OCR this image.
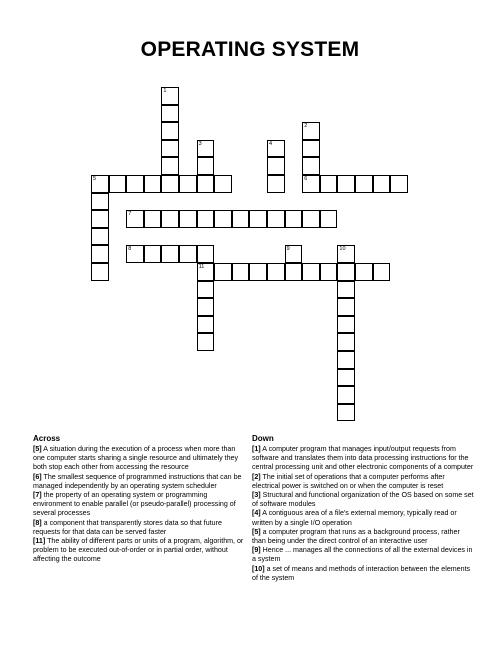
OPERATING SYSTEM
1
2
3	4
5	6
7
8	9	10
11
Across

[5] A situation during the execution of a process when more than one computer starts sharing a single resource and ultimately they both stop each other from accessing the resource

[6] The smallest sequence of programmed instructions that can be managed independently by an operating system scheduler

[7] the property of an operating system or programming environment to enable parallel (or pseudo-parallel) processing of several processes

[8] a component that transparently stores data so that future requests for that data can be served faster

[11] The ability of different parts or units of a program, algorithm, or problem to be executed out-of-order or in partial order, without affecting the outcome

Down

[1] A computer program that manages input/output requests from software and translates them into data processing instructions for the central processing unit and other electronic components of a computer

[2] The initial set of operations that a computer performs after electrical power is switched on or when the computer is reset

[3] Structural and functional organization of the OS based on some set of software modules

[4] A contiguous area of a file's external memory, typically read or written by a single I/O operation

[5] a computer program that runs as a background process, rather than being under the direct control of an interactive user

[9] Hence ... manages all the connections of all the external devices in a system

[10] a set of means and methods of interaction between the elements of the system
